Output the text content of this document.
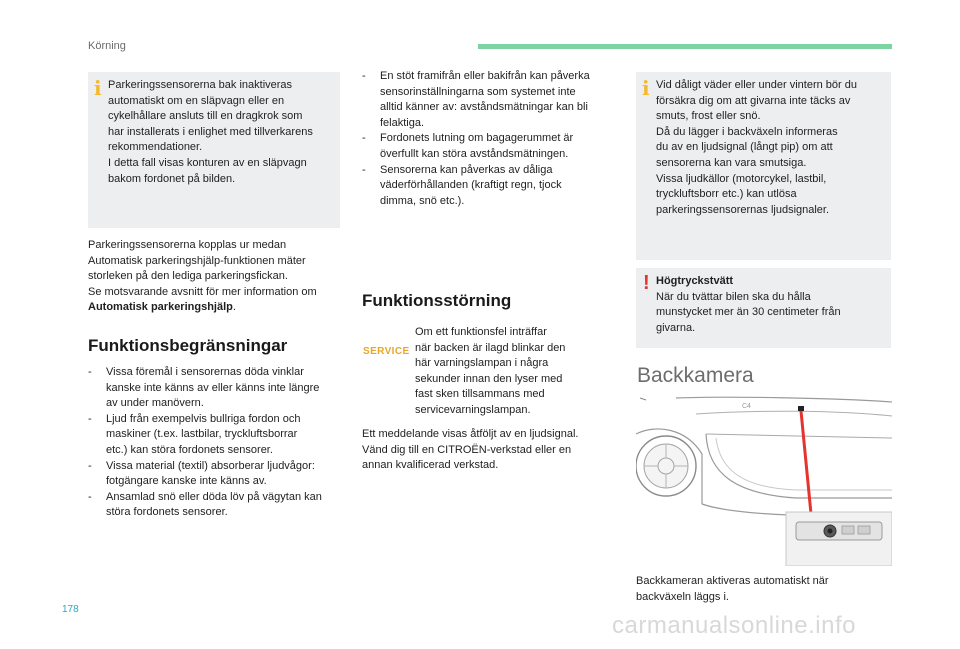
Körning
i Parkeringssensorerna bak inaktiveras

automatiskt om en släpvagn eller en

cykelhållare ansluts till en dragkrok som

har installerats i enlighet med tillverkarens

rekommendationer.

I detta fall visas konturen av en släpvagn

bakom fordonet på bilden.

Parkeringssensorerna kopplas ur medan

Automatisk parkeringshjälp-funktionen mäter

storleken på den lediga parkeringsfickan.

Se motsvarande avsnitt för mer information om

Automatisk parkeringshjälp.

Funktionsbegränsningar
- Vissa föremål i sensorernas döda vinklar
kanske inte känns av eller känns inte längre
av under manövern.
- Ljud från exempelvis bullriga fordon och
maskiner (t.ex. lastbilar, tryckluftsborrar
etc.) kan störa fordonets sensorer.
- Vissa material (textil) absorberar ljudvågor:
fotgängare kanske inte känns av.
- Ansamlad snö eller döda löv på vägytan kan
störa fordonets sensorer.
- En stöt framifrån eller bakifrån kan påverka
sensorinställningarna som systemet inte
alltid känner av: avståndsmätningar kan bli
felaktiga.
- Fordonets lutning om bagagerummet är
överfullt kan störa avståndsmätningen.
- Sensorerna kan påverkas av dåliga
väderförhållanden (kraftigt regn, tjock
dimma, snö etc.).
Funktionsstörning
SERVICE

Om ett funktionsfel inträffar

när backen är ilagd blinkar den

här varningslampan i några

sekunder innan den lyser med

fast sken tillsammans med

servicevarningslampan.

Ett meddelande visas åtföljt av en ljudsignal.

Vänd dig till en CITROËN-verkstad eller en

annan kvalificerad verkstad.

i Vid dåligt väder eller under vintern bör du

försäkra dig om att givarna inte täcks av

smuts, frost eller snö.

Då du lägger i backväxeln informeras

du av en ljudsignal (långt pip) om att

sensorerna kan vara smutsiga.

Vissa ljudkällor (motorcykel, lastbil,

tryckluftsborr etc.) kan utlösa

parkeringssensorernas ljudsignaler.

! Högtryckstvätt

När du tvättar bilen ska du hålla

munstycket mer än 30 centimeter från

givarna.

Backkamera
C4

Backkameran aktiveras automatiskt när

backväxeln läggs i.

178
carmanualsonline.info
